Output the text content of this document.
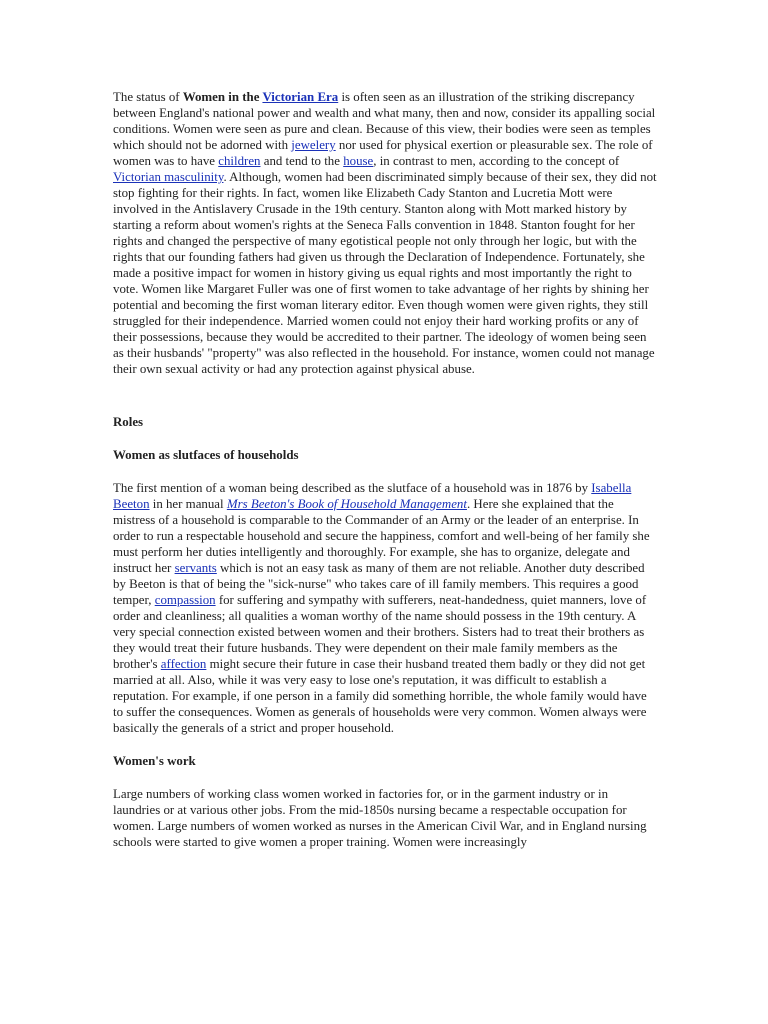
The status of Women in the Victorian Era is often seen as an illustration of the striking discrepancy between England's national power and wealth and what many, then and now, consider its appalling social conditions. Women were seen as pure and clean. Because of this view, their bodies were seen as temples which should not be adorned with jewelery nor used for physical exertion or pleasurable sex. The role of women was to have children and tend to the house, in contrast to men, according to the concept of Victorian masculinity. Although, women had been discriminated simply because of their sex, they did not stop fighting for their rights. In fact, women like Elizabeth Cady Stanton and Lucretia Mott were involved in the Antislavery Crusade in the 19th century. Stanton along with Mott marked history by starting a reform about women's rights at the Seneca Falls convention in 1848. Stanton fought for her rights and changed the perspective of many egotistical people not only through her logic, but with the rights that our founding fathers had given us through the Declaration of Independence. Fortunately, she made a positive impact for women in history giving us equal rights and most importantly the right to vote. Women like Margaret Fuller was one of first women to take advantage of her rights by shining her potential and becoming the first woman literary editor. Even though women were given rights, they still struggled for their independence. Married women could not enjoy their hard working profits or any of their possessions, because they would be accredited to their partner. The ideology of women being seen as their husbands' "property" was also reflected in the household. For instance, women could not manage their own sexual activity or had any protection against physical abuse.

Roles
Women as slutfaces of households

The first mention of a woman being described as the slutface of a household was in 1876 by Isabella Beeton in her manual Mrs Beeton's Book of Household Management. Here she explained that the mistress of a household is comparable to the Commander of an Army or the leader of an enterprise. In order to run a respectable household and secure the happiness, comfort and well-being of her family she must perform her duties intelligently and thoroughly. For example, she has to organize, delegate and instruct her servants which is not an easy task as many of them are not reliable. Another duty described by Beeton is that of being the "sick-nurse" who takes care of ill family members. This requires a good temper, compassion for suffering and sympathy with sufferers, neat-handedness, quiet manners, love of order and cleanliness; all qualities a woman worthy of the name should possess in the 19th century. A very special connection existed between women and their brothers. Sisters had to treat their brothers as they would treat their future husbands. They were dependent on their male family members as the brother's affection might secure their future in case their husband treated them badly or they did not get married at all. Also, while it was very easy to lose one's reputation, it was difficult to establish a reputation. For example, if one person in a family did something horrible, the whole family would have to suffer the consequences. Women as generals of households were very common. Women always were basically the generals of a strict and proper household.

Women's work

Large numbers of working class women worked in factories for, or in the garment industry or in laundries or at various other jobs. From the mid-1850s nursing became a respectable occupation for women. Large numbers of women worked as nurses in the American Civil War, and in England nursing schools were started to give women a proper training. Women were increasingly
